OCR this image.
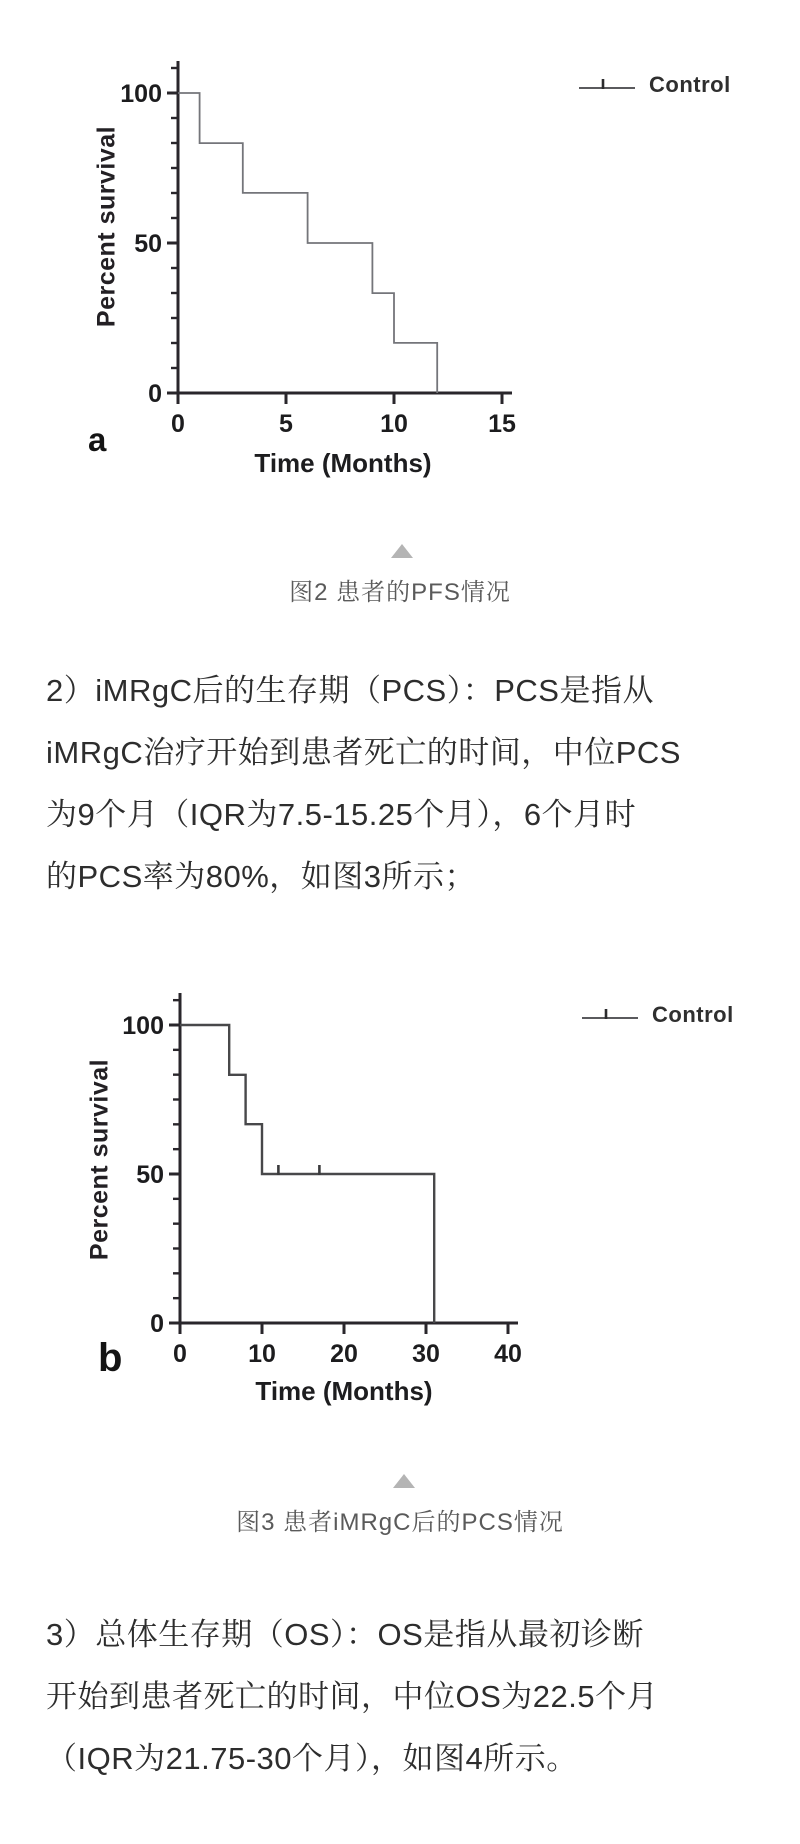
0
50
100
0	5	10	15
Percent survival
Control
a
Time (Months)
图2 患者的PFS情况
2）iMRgC后的生存期（PCS）：PCS是指从
iMRgC治疗开始到患者死亡的时间，中位PCS
为9个月（IQR为7.5-15.25个月），6个月时
的PCS率为80%，如图3所示；
0
50
100
0 10 20 30 40
Percent survival
Control
b
Time (Months)
图3 患者iMRgC后的PCS情况
3）总体生存期（OS）：OS是指从最初诊断
开始到患者死亡的时间，中位OS为22.5个月
（IQR为21.75-30个月），如图4所示。
